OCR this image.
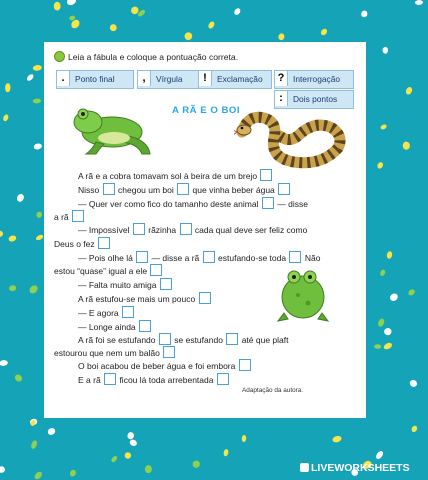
Leia a fábula e coloque a pontuação correta.
. Ponto final	, Vírgula	! Exclamação	? Interrogação
: Dois pontos
A RÃ E O BOI
A rã e a cobra tomavam sol à beira de um brejo
Nisso chegou um boi que vinha beber água
— Quer ver como fico do tamanho deste animal — disse
a rã
— Impossível rãzinha cada qual deve ser feliz como
Deus o fez
— Pois olhe lá — disse a rã estufando-se toda Não
estou “quase” igual a ele
— Falta muito amiga
A rã estufou-se mais um pouco
— E agora
— Longe ainda
A rã foi se estufando se estufando até que plaft
estourou que nem um balão
O boi acabou de beber água e foi embora
E a rã ficou lá toda arrebentada
Adaptação da autora.
LIVEWORKSHEETS
